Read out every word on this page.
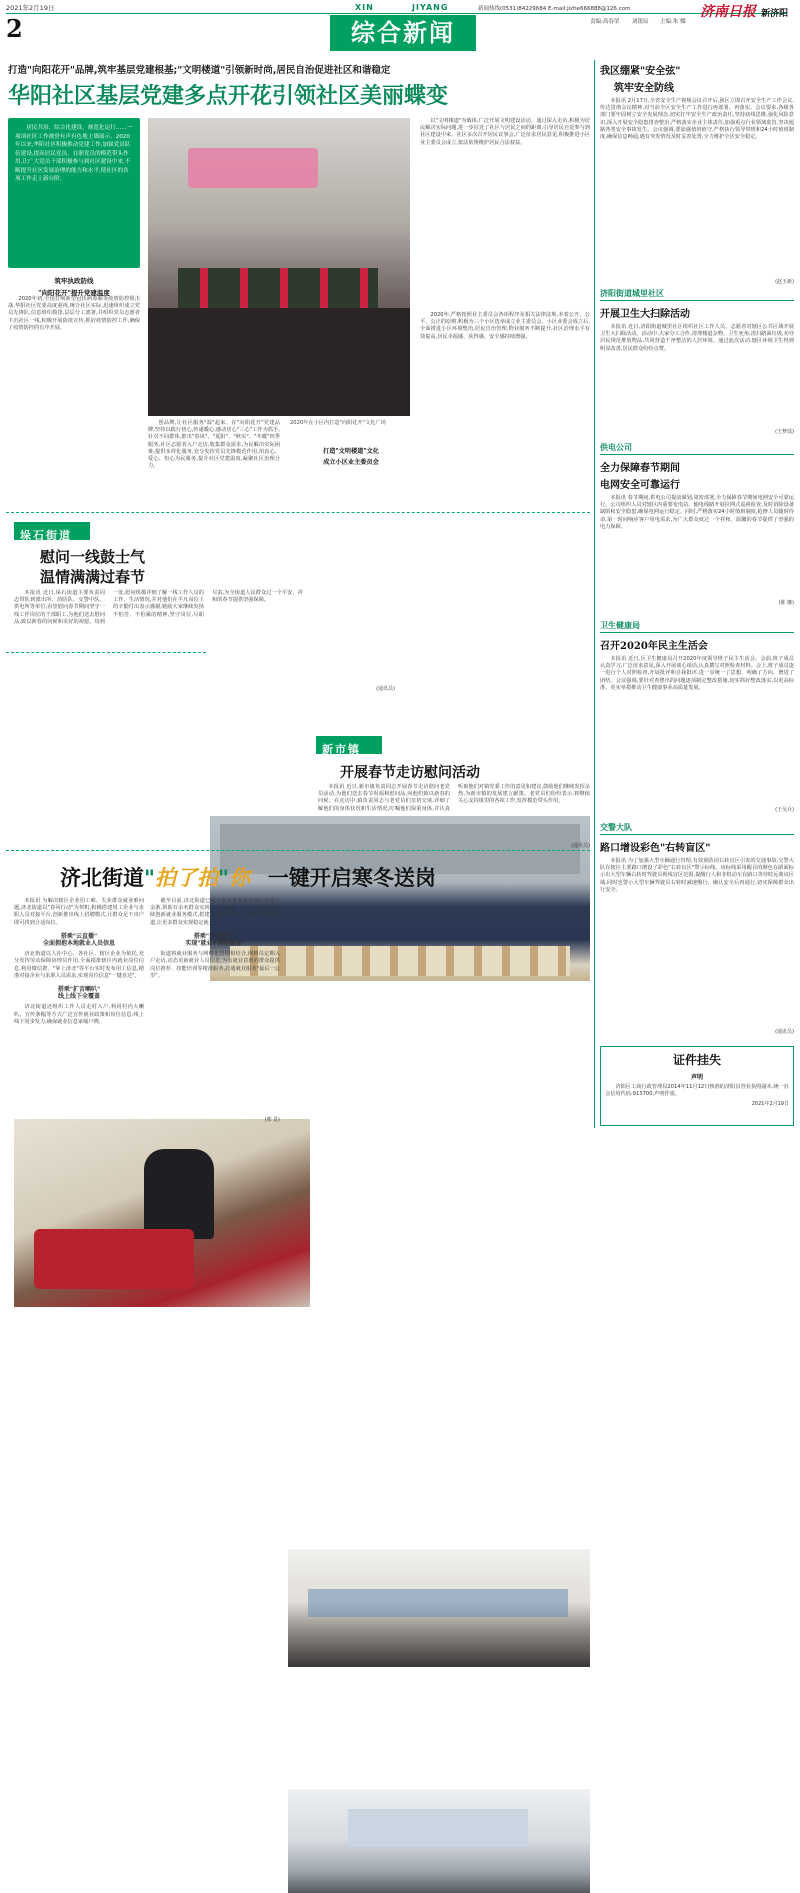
2021年2月19日
2
XIN	JIYANG
综合新闻
新闻热线(0531)84229684 E-mail:jizhe666888@126.com
责编:高春荣 刘银辰 主编:朱 娜
济南日报 新济阳
打造"向阳花开"品牌,筑牢基层党建根基;"文明楼道"引领新时尚,居民自治促进社区和谐稳定
华阳社区基层党建多点开花引领社区美丽蝶变
居民共治、综合化建设、规范化运行……一项项社区工作被誉有声有色地上墙展示。2020年以来,华阳社区积极推动党建工作,加强党员队伍建设,提高居民党员、在职党员的模范带头作用,让广大党员干部积极参与到社区建设中来,不断提升社区发展治理的能力和水平,使社区的各项工作走上新台阶。
筑牢执政防线
"向阳花开"提升党建温度

2020年初,全国打响新型冠状病毒肺炎疫情防控阻击战,华阳社区党委高度重视,统合社区实际,迅速组织成立党员先锋队,信息组织摸排,层层分工部署,并组织党员志愿者下沉社区一线,积极开展防疫宣传,抓好疫情防控工作,确保了疫情防控的有序开展。

创品牌,让社区服务"温"起来。在"向阳花开"党建品牌,坚持以践行初心,传递暖心,感动居心"三心"工作为抓手,针对不同群体,推出"春风"、"夏阳"、"秋实"、"冬暖"四季服务,社区志愿者入户走访,收集群众需求,为民解决实际困难,提供多样化服务,充分发挥党员先锋模范作用,用真心、爱心、恒心为民服务,提升社区党建温度,凝聚社区治理合力。

2020年在小区内打造"向阳花开"文化广场
打造"文明楼道"文化
成立小区业主委员会

以"文明楼道"为载体,广泛开展文明建设活动。通过深入走访,积极为居民解决实际问题,进一步拉近了社区与居民之间的距离,引导居民自觉参与到社区建设中来。社区多次召开居民议事会,广泛征求居民意见,积极推进小区业主委员会成立,依法依规维护居民合法权益。

2020年,严格按照业主委员会各项程序及相关法律法规,本着公开、公平、公正的原则,积极为三个小区选举成立业主委员会。小区业委会成立后,全面推进小区环境整治,居民自治管理,物业服务不断提升,社区治理水平有效提高,居民幸福感、获得感、安全感持续增强。

垛石街道
慰问一线鼓士气
温情满满过春节

本报讯 近日,垛石街道主要负责同志带队到派出所、消防队、交警中队、供电所等单位,看望慰问春节期间坚守一线工作岗位的干部职工,为他们送去慰问品,致以新春的问候和美好的祝愿。每到一处,慰问组都详细了解一线工作人员的工作、生活情况,并对他们在平凡岗位上的辛勤付出表示感谢,勉励大家继续发扬不怕苦、不怕累的精神,坚守岗位,尽职尽责,为全街道人民群众过一个平安、祥和的春节提供坚强保障。

(通讯员)

新市镇
开展春节走访慰问活动

本报讯 近日,新市镇负责同志开展春节走访慰问老党员活动,为他们送去春节祝福和慰问品,向他们致以新春的问候。在走访中,镇负责同志与老党员们亲切交谈,详细了解他们的身体状况和生活情况,叮嘱他们保重身体,并认真听取他们对镇党委工作的意见和建议,鼓励他们继续发挥余热,为新市镇的发展建言献策。老党员们纷纷表示,将继续关心支持镇里的各项工作,发挥模范带头作用。

(通讯员)
济北街道"拍了拍"你 一键开启寒冬送岗

本报讯 为解决辖区企业招工难、失业群众就业难问题,济北街道以"春风行动"为契机,积极搭建用工企业与求职人员对接平台,创新推出线上招聘模式,让群众足不出户即可找到合适岗位。

搭乘"云直播"
全面拥抱本地就业人员信息

济北街道以人社中心、各社区、辖区企业为依托,充分发挥劳动保障协理员作用,全面摸排辖区内就业岗位信息,利用微信群、"掌上济北"等平台实时发布用工信息,精准对接企业与求职人员需求,实现岗位信息"一键直达"。

搭乘"扩音喇叭"
线上线下全覆盖

济北街道还组织工作人员走村入户,利用村内大喇叭、宣传条幅等方式广泛宣传就业政策和岗位信息,线上线下同步发力,确保就业信息家喻户晓。

截至目前,济北街道已累计发布各类就业岗位信息千余条,帮助百余名群众实现家门口就业。下一步,街道将持续创新就业服务模式,搭建更多就业平台,不断扩大就业渠道,让更多群众实现稳定就业。

搭乘"开放模式"
实现"就业+网格服务"

街道将就业服务与网格化管理相结合,网格员定期入户走访,动态更新就业人员信息,为有就业意愿的群众提供岗位推荐、技能培训等精准服务,打通就业服务"最后一公里"。

(邢 景)
我区绷紧"安全弦"
筑牢安全防线

本报讯 2月17日,全省安全生产视频会议召开后,我区立即召开安全生产工作会议,传达贯彻会议精神,对当前全区安全生产工作进行再部署、再落实。会议要求,各级各部门要牢固树立安全发展理念,切实扛牢安全生产政治责任,坚持底线思维,强化风险意识,深入开展安全隐患排查整治,严格落实企业主体责任,加强重点行业领域监管,坚决遏制各类安全事故发生。会议强调,要加强值班值守,严格执行领导带班和24小时值班制度,确保信息畅通,遇有突发情况及时妥善处置,全力维护全区安全稳定。

(赵玉新)
济阳街道城里社区
开展卫生大扫除活动

本报讯 近日,济阳街道城里社区组织社区工作人员、志愿者对辖区公共区域开展卫生大扫除活动。活动中,大家分工合作,清理楼道杂物、卫生死角,清扫路面垃圾,劝导居民规范堆放物品,共同营造干净整洁的人居环境。通过此次活动,辖区环境卫生得到明显改善,居民群众纷纷点赞。

(王梦瑶)
供电公司
全力保障春节期间
电网安全可靠运行

本报讯 春节期间,供电公司提前谋划,周密部署,全力保障春节期间电网安全可靠运行。公司组织人员对辖区内重要变电站、输电线路开展拉网式巡视检查,及时消除设备缺陷和安全隐患,确保电网运行稳定。同时,严格落实24小时值班制度,抢修人员随时待命,第一时间响应客户用电需求,为广大群众度过一个祥和、温馨的春节提供了坚强的电力保障。

(陈 娜)
卫生健康局
召开2020年民主生活会

本报讯 近日,区卫生健康局召开2020年度领导班子民主生活会。会前,班子成员认真学习,广泛征求意见,深入开展谈心谈话,认真撰写对照检查材料。会上,班子成员逐一进行个人对照检查,开展批评和自我批评,进一步统一了思想、明确了方向、增进了团结。会议强调,要针对查摆出的问题逐项制定整改措施,切实抓好整改落实,以更高标准、更实举措推动卫生健康事业高质量发展。

(王吴兵)
交警大队
路口增设彩色"右转盲区"

本报讯 为了加强大型车辆通行管理,有效预防因右转盲区引发的交通事故,交警大队在辖区主要路口增设了彩色"右转盲区"警示标线。该标线采用醒目的颜色在路面标示出大型车辆右转时驾驶员视线盲区范围,提醒行人和非机动车在路口等待时远离该区域,同时也警示大型车辆驾驶员右转时减速慢行、确认安全后再通行,切实保障群众出行安全。

(通讯员)
证件挂失
声明
济阳区工商行政管理局2014年11月12日核准的济阳县营业执照副本,统一社会信用代码:913700,声明作废。
2021年2月19日
